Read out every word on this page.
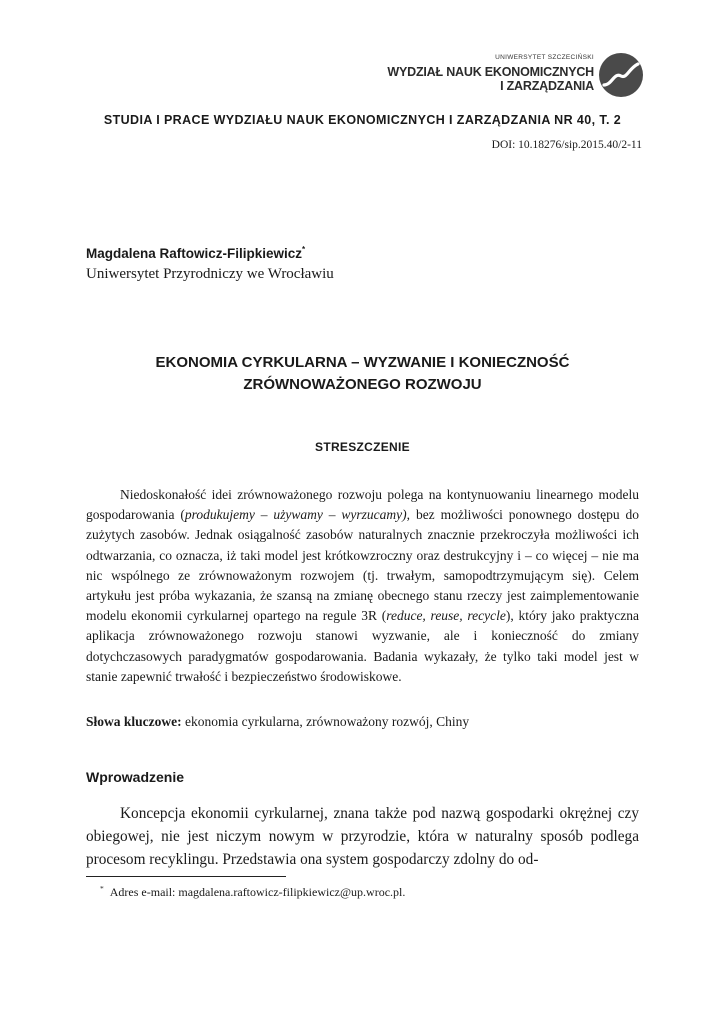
UNIWERSYTET SZCZECIŃSKI
WYDZIAŁ NAUK EKONOMICZNYCH
I ZARZĄDZANIA
STUDIA I PRACE WYDZIAŁU NAUK EKONOMICZNYCH I ZARZĄDZANIA NR 40, T. 2
DOI: 10.18276/sip.2015.40/2-11
Magdalena Raftowicz-Filipkiewicz*
Uniwersytet Przyrodniczy we Wrocławiu
EKONOMIA CYRKULARNA – WYZWANIE I KONIECZNOŚĆ
ZRÓWNOWAŻONEGO ROZWOJU
STRESZCZENIE

Niedoskonałość idei zrównoważonego rozwoju polega na kontynuowaniu linearnego modelu gospodarowania (produkujemy – używamy – wyrzucamy), bez możliwości ponownego dostępu do zużytych zasobów. Jednak osiągalność zasobów naturalnych znacznie przekroczyła możliwości ich odtwarzania, co oznacza, iż taki model jest krótkowzroczny oraz destrukcyjny i – co więcej – nie ma nic wspólnego ze zrównoważonym rozwojem (tj. trwałym, samopodtrzymującym się). Celem artykułu jest próba wykazania, że szansą na zmianę obecnego stanu rzeczy jest zaimplementowanie modelu ekonomii cyrkularnej opartego na regule 3R (reduce, reuse, recycle), który jako praktyczna aplikacja zrównoważonego rozwoju stanowi wyzwanie, ale i konieczność do zmiany dotychczasowych paradygmatów gospodarowania. Badania wykazały, że tylko taki model jest w stanie zapewnić trwałość i bezpieczeństwo środowiskowe.

Słowa kluczowe: ekonomia cyrkularna, zrównoważony rozwój, Chiny
Wprowadzenie

Koncepcja ekonomii cyrkularnej, znana także pod nazwą gospodarki okrężnej czy obiegowej, nie jest niczym nowym w przyrodzie, która w naturalny sposób podlega procesom recyklingu. Przedstawia ona system gospodarczy zdolny do od-

* Adres e-mail: magdalena.raftowicz-filipkiewicz@up.wroc.pl.
